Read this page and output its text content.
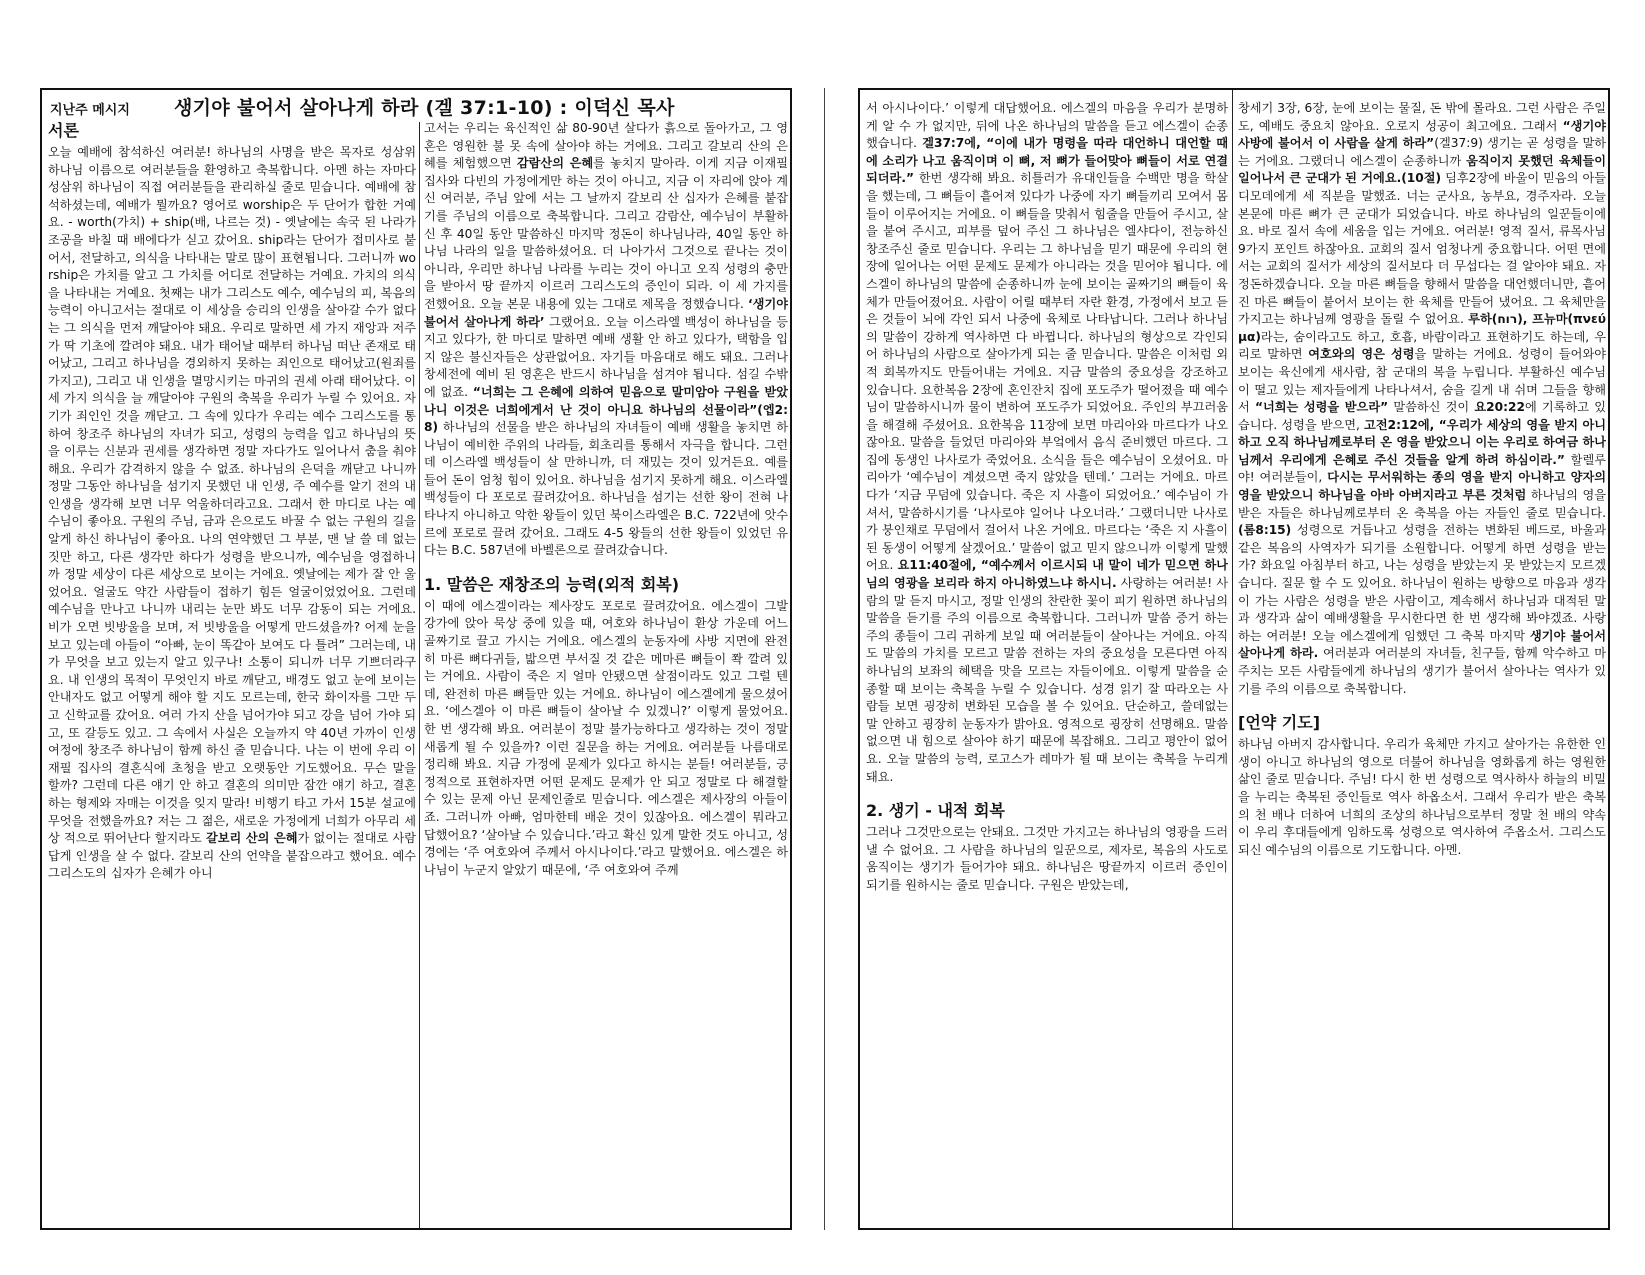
지난주 메시지 생기야 불어서 살아나게 하라 (겔 37:1-10) : 이덕신 목사
서론

오늘 예배에 참석하신 여러분! 하나님의 사명을 받은 목자로 성삼위 하나님 이름으로 여러분들을 환영하고 축복합니다. 아멘 하는 자마다 성삼위 하나님이 직접 여러분들을 관리하실 줄로 믿습니다. 예배에 참석하셨는데, 예배가 뭘까요? 영어로 worship은 두 단어가 합한 거예요. - worth(가치) + ship(배, 나르는 것) - 옛날에는 속국 된 나라가 조공을 바칠 때 배에다가 싣고 갔어요. ship라는 단어가 접미사로 붙어서, 전달하고, 의식을 나타내는 말로 많이 표현됩니다. 그러니까 worship은 가치를 알고 그 가치를 어디로 전달하는 거예요. 가치의 의식을 나타내는 거예요. 첫째는 내가 그리스도 예수, 예수님의 피, 복음의 능력이 아니고서는 절대로 이 세상을 승리의 인생을 살아갈 수가 없다는 그 의식을 먼저 깨달아야 돼요. 우리로 말하면 세 가지 재앙과 저주가 딱 기초에 깔려야 돼요. 내가 태어날 때부터 하나님 떠난 존재로 태어났고, 그리고 하나님을 경외하지 못하는 죄인으로 태어났고(원죄를 가지고), 그리고 내 인생을 멸망시키는 마귀의 권세 아래 태어났다. 이 세 가지 의식을 늘 깨달아야 구원의 축복을 우리가 누릴 수 있어요. 자기가 죄인인 것을 깨닫고. 그 속에 있다가 우리는 예수 그리스도를 통하여 창조주 하나님의 자녀가 되고, 성령의 능력을 입고 하나님의 뜻을 이루는 신분과 권세를 생각하면 정말 자다가도 일어나서 춤을 춰야 해요. 우리가 감격하지 않을 수 없죠. 하나님의 은덕을 깨닫고 나니까 정말 그동안 하나님을 섬기지 못했던 내 인생, 주 예수를 알기 전의 내 인생을 생각해 보면 너무 억울하더라고요. 그래서 한 마디로 나는 예수님이 좋아요. 구원의 주님, 금과 은으로도 바꿀 수 없는 구원의 길을 알게 하신 하나님이 좋아요. 나의 연약했던 그 부분, 맨 날 쓸 데 없는 짓만 하고, 다른 생각만 하다가 성령을 받으니까, 예수님을 영접하니까 정말 세상이 다른 세상으로 보이는 거에요. 옛날에는 제가 잘 안 울었어요. 얼굴도 약간 사람들이 접하기 힘든 얼굴이었었어요. 그런데 예수님을 만나고 나니까 내리는 눈만 봐도 너무 감동이 되는 거에요. 비가 오면 빗방울을 보며, 저 빗방울을 어떻게 만드셨을까? 어제 눈을 보고 있는데 아들이 “아빠, 눈이 똑같아 보여도 다 틀려” 그러는데, 내가 무엇을 보고 있는지 알고 있구나! 소통이 되니까 너무 기쁘더라구요. 내 인생의 목적이 무엇인지 바로 깨닫고, 배경도 없고 눈에 보이는 안내자도 없고 어떻게 해야 할 지도 모르는데, 한국 화이자를 그만 두고 신학교를 갔어요. 여러 가지 산을 넘어가야 되고 강을 넘어 가야 되고, 또 갈등도 있고. 그 속에서 사실은 오늘까지 약 40년 가까이 인생 여정에 창조주 하나님이 함께 하신 줄 믿습니다. 나는 이 번에 우리 이재필 집사의 결혼식에 초청을 받고 오랫동안 기도했어요. 무슨 말을 할까? 그런데 다른 얘기 안 하고 결혼의 의미만 잠깐 얘기 하고, 결혼 하는 형제와 자매는 이것을 잊지 말라! 비행기 타고 가서 15분 설교에 무엇을 전했을까요? 저는 그 젊은, 새로운 가정에게 너희가 아무리 세상 적으로 뛰어난다 할지라도 갈보리 산의 은혜가 없이는 절대로 사람답게 인생을 살 수 없다. 갈보리 산의 언약을 붙잡으라고 했어요. 예수 그리스도의 십자가 은혜가 아니

고서는 우리는 육신적인 삶 80-90년 살다가 흙으로 돌아가고, 그 영혼은 영원한 불 못 속에 살아야 하는 거에요. 그리고 갈보리 산의 은혜를 체험했으면 감람산의 은혜를 놓치지 말아라. 이게 지금 이재필 집사와 다빈의 가정에게만 하는 것이 아니고, 지금 이 자리에 앉아 계신 여러분, 주님 앞에 서는 그 날까지 갈보리 산 십자가 은혜를 붙잡기를 주님의 이름으로 축복합니다. 그리고 감람산, 예수님이 부활하신 후 40일 동안 말씀하신 마지막 정돈이 하나님나라, 40일 동안 하나님 나라의 일을 말씀하셨어요. 더 나아가서 그것으로 끝나는 것이 아니라, 우리만 하나님 나라를 누리는 것이 아니고 오직 성령의 충만을 받아서 땅 끝까지 이르러 그리스도의 증인이 되라. 이 세 가지를 전했어요. 오늘 본문 내용에 있는 그대로 제목을 정했습니다. ‘생기야 불어서 살아나게 하라’ 그랬어요. 오늘 이스라엘 백성이 하나님을 등지고 있다가, 한 마디로 말하면 예배 생활 안 하고 있다가, 택함을 입지 않은 불신자들은 상관없어요. 자기들 마음대로 해도 돼요. 그러나 창세전에 예비 된 영혼은 반드시 하나님을 섬겨야 됩니다. 섬길 수밖에 없죠. “너희는 그 은혜에 의하여 믿음으로 말미암아 구원을 받았나니 이것은 너희에게서 난 것이 아니요 하나님의 선물이라”(엡2:8) 하나님의 선물을 받은 하나님의 자녀들이 예배 생활을 놓치면 하나님이 예비한 주위의 나라들, 회초리를 통해서 자극을 합니다. 그런데 이스라엘 백성들이 살 만하니까, 더 재밌는 것이 있거든요. 예를 들어 돈이 엄청 힘이 있어요. 하나님을 섬기지 못하게 해요. 이스라엘 백성들이 다 포로로 끌려갔어요. 하나님을 섬기는 선한 왕이 전혀 나타나지 아니하고 악한 왕들이 있던 북이스라엘은 B.C. 722년에 앗수르에 포로로 끌려 갔어요. 그래도 4-5 왕들의 선한 왕들이 있었던 유다는 B.C. 587년에 바벨론으로 끌려갔습니다.

1. 말씀은 재창조의 능력(외적 회복)

이 때에 에스겔이라는 제사장도 포로로 끌려갔어요. 에스겔이 그발 강가에 앉아 묵상 중에 있을 때, 여호와 하나님이 환상 가운데 어느 골짜기로 끌고 가시는 거에요. 에스겔의 눈동자에 사방 지면에 완전히 마른 뼈다귀들, 밟으면 부서질 것 같은 메마른 뼈들이 쫙 깔려 있는 거에요. 사람이 죽은 지 얼마 안됐으면 살점이라도 있고 그럴 텐데, 완전히 마른 뼈들만 있는 거에요. 하나님이 에스겔에게 물으셨어요. ‘에스겔아 이 마른 뼈들이 살아날 수 있겠니?’ 이렇게 물었어요. 한 번 생각해 봐요. 여러분이 정말 불가능하다고 생각하는 것이 정말 새롭게 될 수 있을까? 이런 질문을 하는 거에요. 여러분들 나름대로 정리해 봐요. 지금 가정에 문제가 있다고 하시는 분들! 여러분들, 긍정적으로 표현하자면 어떤 문제도 문제가 안 되고 정말로 다 해결할 수 있는 문제 아닌 문제인줄로 믿습니다. 에스겔은 제사장의 아들이죠. 그러니까 아빠, 엄마한테 배운 것이 있잖아요. 에스겔이 뭐라고 답했어요? ‘살아날 수 있습니다.’라고 확신 있게 말한 것도 아니고, 성경에는 ‘주 여호와여 주께서 아시나이다.’라고 말했어요. 에스겔은 하나님이 누군지 알았기 때문에, ‘주 여호와여 주께

서 아시나이다.’ 이렇게 대답했어요. 에스겔의 마음을 우리가 분명하게 알 수 가 없지만, 뒤에 나온 하나님의 말씀을 듣고 에스겔이 순종했습니다. 겔37:7에, “이에 내가 명령을 따라 대언하니 대언할 때에 소리가 나고 움직이며 이 뼈, 저 뼈가 들어맞아 뼈들이 서로 연결되더라.” 한번 생각해 봐요. 히틀러가 유대인들을 수백만 명을 학살을 했는데, 그 뼈들이 흩어져 있다가 나중에 자기 뼈들끼리 모여서 몸들이 이루어지는 거에요. 이 뼈들을 맞춰서 힘줄을 만들어 주시고, 살을 붙여 주시고, 피부를 덮어 주신 그 하나님은 엘샤다이, 전능하신 창조주신 줄로 믿습니다. 우리는 그 하나님을 믿기 때문에 우리의 현장에 일어나는 어떤 문제도 문제가 아니라는 것을 믿어야 됩니다. 에스겔이 하나님의 말씀에 순종하니까 눈에 보이는 골짜기의 뼈들이 육체가 만들어졌어요. 사람이 어릴 때부터 자란 환경, 가정에서 보고 듣은 것들이 뇌에 각인 되서 나중에 육체로 나타납니다. 그러나 하나님의 말씀이 강하게 역사하면 다 바뀝니다. 하나님의 형상으로 각인되어 하나님의 사람으로 살아가게 되는 줄 믿습니다. 말씀은 이처럼 외적 회복까지도 만들어내는 거에요. 지금 말씀의 중요성을 강조하고 있습니다. 요한복음 2장에 혼인잔치 집에 포도주가 떨어졌을 때 예수님이 말씀하시니까 물이 변하여 포도주가 되었어요. 주인의 부끄러움을 해결해 주셨어요. 요한복음 11장에 보면 마리아와 마르다가 나오잖아요. 말씀을 들었던 마리아와 부엌에서 음식 준비했던 마르다. 그 집에 동생인 나사로가 죽었어요. 소식을 들은 예수님이 오셨어요. 마리아가 ‘예수님이 계셨으면 죽지 않았을 텐데.’ 그러는 거에요. 마르다가 ‘지금 무덤에 있습니다. 죽은 지 사흘이 되었어요.’ 예수님이 가셔서, 말씀하시기를 ‘나사로야 일어나 나오너라.’ 그랬더니만 나사로가 붕인채로 무덤에서 걸어서 나온 거에요. 마르다는 ‘죽은 지 사흘이 된 동생이 어떻게 살겠어요.’ 말씀이 없고 믿지 않으니까 이렇게 말했어요. 요11:40절에, “예수께서 이르시되 내 말이 네가 믿으면 하나님의 영광을 보리라 하지 아니하였느냐 하시니. 사랑하는 여러분! 사람의 말 듣지 마시고, 정말 인생의 찬란한 꽃이 피기 원하면 하나님의 말씀을 듣기를 주의 이름으로 축복합니다. 그러니까 말씀 증거 하는 주의 종들이 그리 귀하게 보일 때 여러분들이 살아나는 거에요. 아직도 말씀의 가치를 모르고 말씀 전하는 자의 중요성을 모른다면 아직 하나님의 보좌의 혜택을 맛을 모르는 자들이에요. 이렇게 말씀을 순종할 때 보이는 축복을 누릴 수 있습니다. 성경 읽기 잘 따라오는 사람들 보면 굉장히 변화된 모습을 볼 수 있어요. 단순하고, 쓸데없는 말 안하고 굉장히 눈동자가 밝아요. 영적으로 굉장히 선명해요. 말씀 없으면 내 힘으로 살아야 하기 때문에 복잡해요. 그리고 평안이 없어요. 오늘 말씀의 능력, 로고스가 레마가 될 때 보이는 축복을 누리게 돼요.

2. 생기 - 내적 회복

그러나 그것만으로는 안돼요. 그것만 가지고는 하나님의 영광을 드러낼 수 없어요. 그 사람을 하나님의 일꾼으로, 제자로, 복음의 사도로 움직이는 생기가 들어가야 돼요. 하나님은 땅끝까지 이르러 증인이 되기를 원하시는 줄로 믿습니다. 구원은 받았는데,

창세기 3장, 6장, 눈에 보이는 물질, 돈 밖에 몰라요. 그런 사람은 주일도, 예배도 중요치 않아요. 오로지 성공이 최고에요. 그래서 “생기야 사방에 불어서 이 사람을 살게 하라”(겔37:9) 생기는 곧 성령을 말하는 거에요. 그랬더니 에스겔이 순종하니까 움직이지 못했던 육체들이 일어나서 큰 군대가 된 거에요.(10절) 딤후2장에 바울이 믿음의 아들 디모데에게 세 직분을 말했죠. 너는 군사요, 농부요, 경주자라. 오늘 본문에 마른 뼈가 큰 군대가 되었습니다. 바로 하나님의 일꾼들이에요. 바로 질서 속에 세움을 입는 거에요. 여러분! 영적 질서, 류목사님 9가지 포인트 하잖아요. 교회의 질서 엄청나게 중요합니다. 어떤 면에서는 교회의 질서가 세상의 질서보다 더 무섭다는 걸 알아야 돼요. 자 정돈하겠습니다. 오늘 마른 뼈들을 향해서 말씀을 대언했더니만, 흩어진 마른 뼈들이 붙어서 보이는 한 육체를 만들어 냈어요. 그 육체만을 가지고는 하나님께 영광을 돌릴 수 없어요. 루하(רוח), 프뉴마(πνεύμα)라는, 숨이라고도 하고, 호흡, 바람이라고 표현하기도 하는데, 우리로 말하면 여호와의 영은 성령을 말하는 거에요. 성령이 들어와야 보이는 육신에게 새사람, 참 군대의 복을 누립니다. 부활하신 예수님이 떨고 있는 제자들에게 나타나셔서, 숨을 길게 내 쉬며 그들을 향해서 “너희는 성령을 받으라” 말씀하신 것이 요20:22에 기록하고 있습니다. 성령을 받으면, 고전2:12에, “우리가 세상의 영을 받지 아니하고 오직 하나님께로부터 온 영을 받았으니 이는 우리로 하여금 하나님께서 우리에게 은혜로 주신 것들을 알게 하려 하심이라.” 할렐루야! 여러분들이, 다시는 무서워하는 종의 영을 받지 아니하고 양자의 영을 받았으니 하나님을 아바 아버지라고 부른 것처럼 하나님의 영을 받은 자들은 하나님께로부터 온 축복을 아는 자들인 줄로 믿습니다.(롬8:15) 성령으로 거듭나고 성령을 전하는 변화된 베드로, 바울과 같은 복음의 사역자가 되기를 소원합니다. 어떻게 하면 성령을 받는가? 화요일 아침부터 하고, 나는 성령을 받았는지 못 받았는지 모르겠습니다. 질문 할 수 도 있어요. 하나님이 원하는 방향으로 마음과 생각이 가는 사람은 성령을 받은 사람이고, 계속해서 하나님과 대적된 말과 생각과 삶이 예배생활을 무시한다면 한 번 생각해 봐야겠죠. 사랑하는 여러분! 오늘 에스겔에게 임했던 그 축복 마지막 생기야 불어서 살아나게 하라. 여러분과 여러분의 자녀들, 친구들, 함께 악수하고 마주치는 모든 사람들에게 하나님의 생기가 불어서 살아나는 역사가 있기를 주의 이름으로 축복합니다.

[언약 기도]

하나님 아버지 감사합니다. 우리가 육체만 가지고 살아가는 유한한 인생이 아니고 하나님의 영으로 더불어 하나님을 영화롭게 하는 영원한 삶인 줄로 믿습니다. 주님! 다시 한 번 성령으로 역사하사 하늘의 비밀을 누리는 축복된 증인들로 역사 하옵소서. 그래서 우리가 받은 축복의 천 배나 더하여 너희의 조상의 하나님으로부터 정말 천 배의 약속이 우리 후대들에게 임하도록 성령으로 역사하여 주옵소서. 그리스도 되신 예수님의 이름으로 기도합니다. 아멘.
